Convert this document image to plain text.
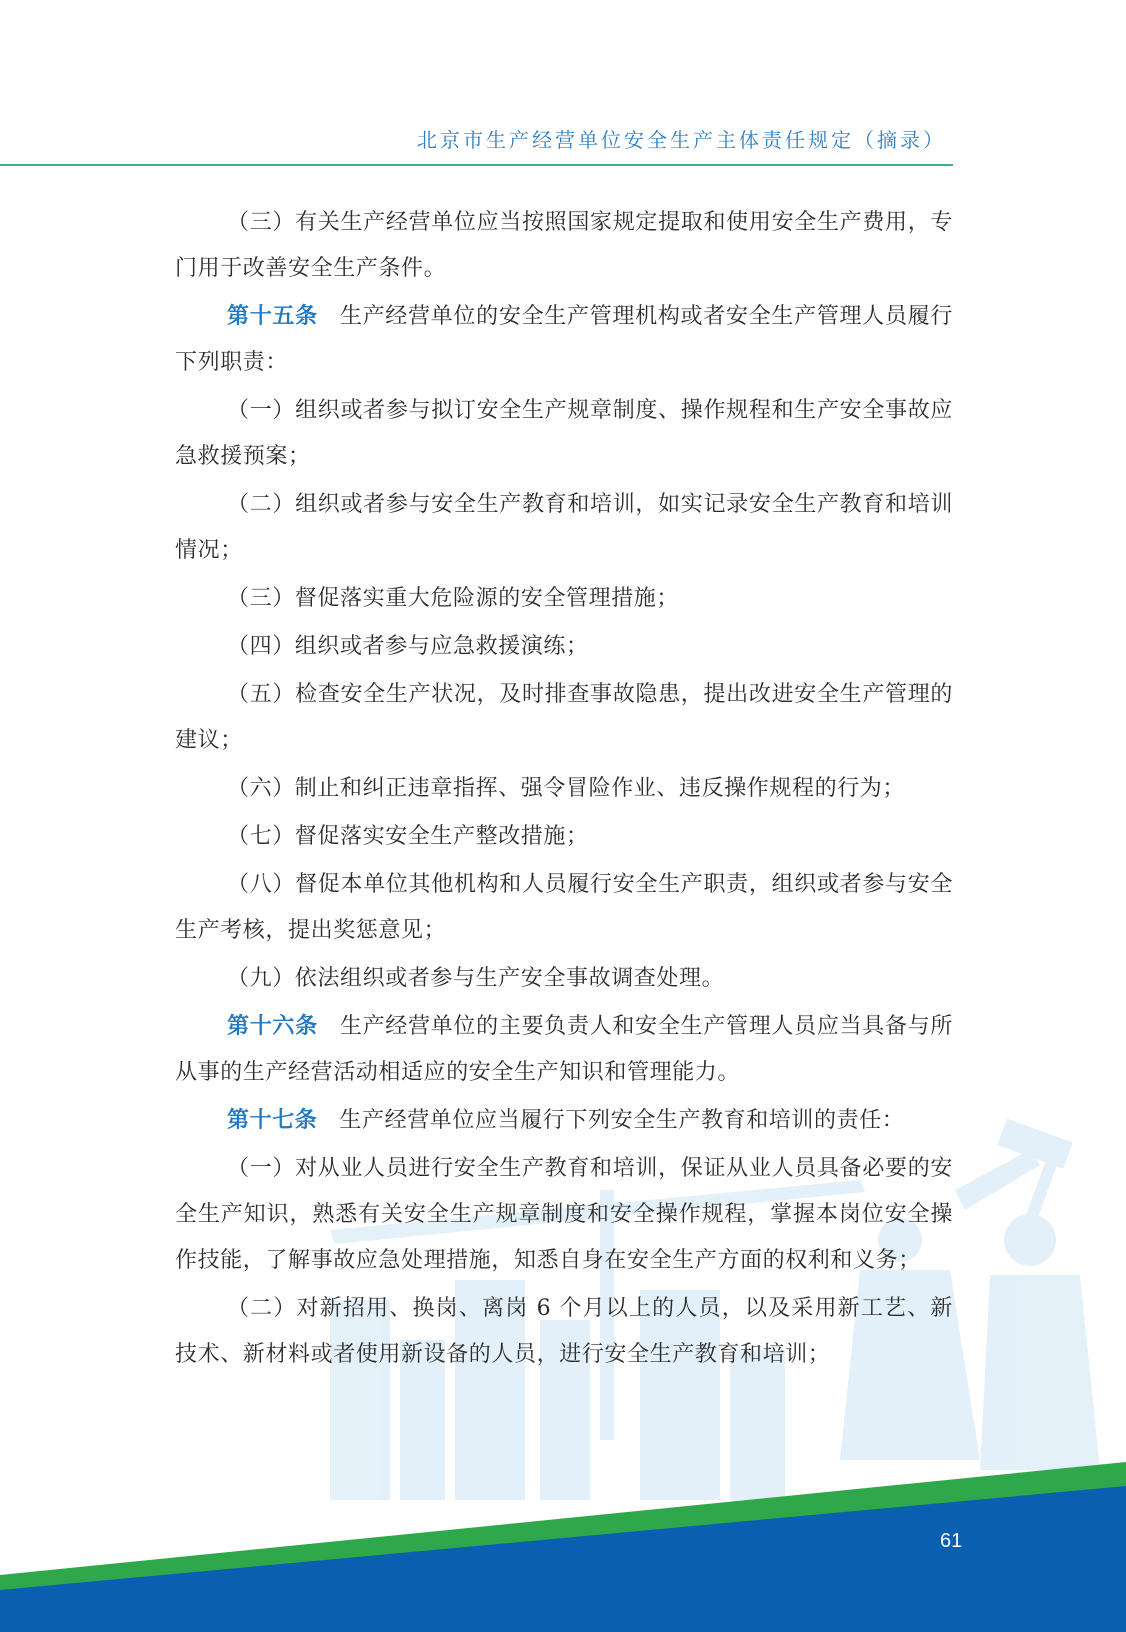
北京市生产经营单位安全生产主体责任规定（摘录）

（三）有关生产经营单位应当按照国家规定提取和使用安全生产费用，专门用于改善安全生产条件。

第十五条 生产经营单位的安全生产管理机构或者安全生产管理人员履行下列职责：

（一）组织或者参与拟订安全生产规章制度、操作规程和生产安全事故应急救援预案；

（二）组织或者参与安全生产教育和培训，如实记录安全生产教育和培训情况；

（三）督促落实重大危险源的安全管理措施；

（四）组织或者参与应急救援演练；

（五）检查安全生产状况，及时排查事故隐患，提出改进安全生产管理的建议；

（六）制止和纠正违章指挥、强令冒险作业、违反操作规程的行为；

（七）督促落实安全生产整改措施；

（八）督促本单位其他机构和人员履行安全生产职责，组织或者参与安全生产考核，提出奖惩意见；

（九）依法组织或者参与生产安全事故调查处理。

第十六条 生产经营单位的主要负责人和安全生产管理人员应当具备与所从事的生产经营活动相适应的安全生产知识和管理能力。

第十七条 生产经营单位应当履行下列安全生产教育和培训的责任：

（一）对从业人员进行安全生产教育和培训，保证从业人员具备必要的安全生产知识，熟悉有关安全生产规章制度和安全操作规程，掌握本岗位安全操作技能，了解事故应急处理措施，知悉自身在安全生产方面的权利和义务；

（二）对新招用、换岗、离岗 6 个月以上的人员，以及采用新工艺、新技术、新材料或者使用新设备的人员，进行安全生产教育和培训；

61
